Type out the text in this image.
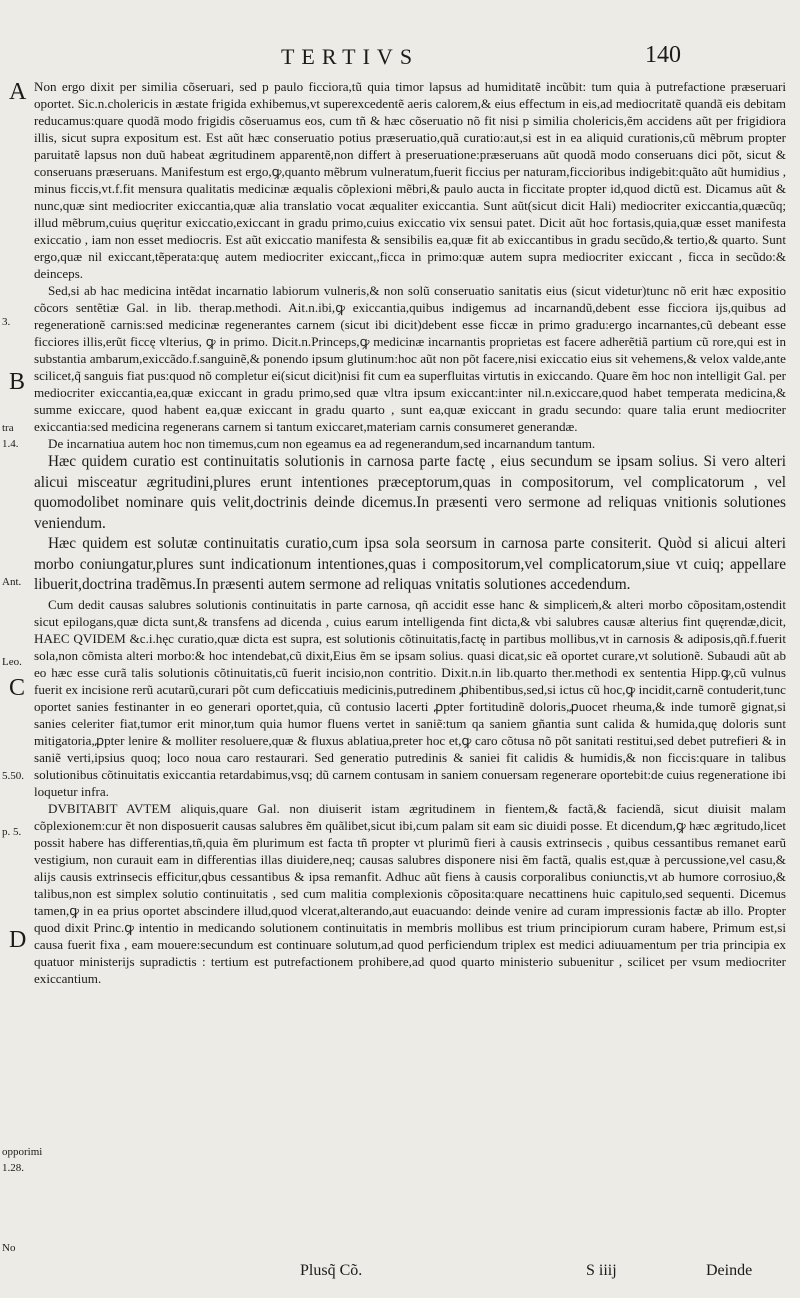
TERTIVS	140
A
3.
B
tra
1.4.
Ant.
Leo.
C
5.50.
p. 5.
D
opporimi
1.28.
No

Non ergo dixit per similia cõseruari, sed p paulo ficciora,tũ quia timor lapsus ad humiditatẽ incũbit: tum quia à putrefactione præseruari oportet. Sic.n.cholericis in æstate frigida exhibemus,vt superexcedentẽ aeris calorem,& eius effectum in eis,ad mediocritatẽ quandã eis debitam reducamus:quare quodã modo frigidis cõseruamus eos, cum tñ & hæc cõseruatio nõ fit nisi p similia cholericis,ẽm accidens aũt per frigidiora illis, sicut supra expositum est. Est aũt hæc conseruatio potius præseruatio,quã curatio:aut,si est in ea aliquid curationis,cũ mẽbrum propter paruitatẽ lapsus non duũ habeat ægritudinem apparentẽ,non differt à preseruatione:præseruans aũt quodã modo conseruans dici põt, sicut & conseruans præseruans. Manifestum est ergo,ꝙ,quanto mẽbrum vulneratum,fuerit ficcius per naturam,ficcioribus indigebit:quãto aũt humidius , minus ficcis,vt.f.fit mensura qualitatis medicinæ æqualis cõplexioni mẽbri,& paulo aucta in ficcitate propter id,quod dictũ est. Dicamus aũt & nunc,quæ sint mediocriter exiccantia,quæ alia translatio vocat æqualiter exiccantia. Sunt aũt(sicut dicit Hali) mediocriter exiccantia,quæcũq; illud mẽbrum,cuius quęritur exiccatio,exiccant in gradu primo,cuius exiccatio vix sensui patet. Dicit aũt hoc fortasis,quia,quæ esset manifesta exiccatio , iam non esset mediocris. Est aũt exiccatio manifesta & sensibilis ea,quæ fit ab exiccantibus in gradu secũdo,& tertio,& quarto. Sunt ergo,quæ nil exiccant,tẽperata:quę autem mediocriter exiccant,,ficca in primo:quæ autem supra mediocriter exiccant , ficca in secũdo:& deinceps.

Sed,si ab hac medicina intẽdat incarnatio labiorum vulneris,& non solũ conseruatio sanitatis eius (sicut videtur)tunc nõ erit hæc expositio cõcors sentẽtiæ Gal. in lib. therap.methodi. Ait.n.ibi,ꝙ exiccantia,quibus indigemus ad incarnandũ,debent esse ficciora ijs,quibus ad regenerationẽ carnis:sed medicinæ regenerantes carnem (sicut ibi dicit)debent esse ficcæ in primo gradu:ergo incarnantes,cũ debeant esse ficciores illis,erũt ficcę vlterius, ꝙ in primo. Dicit.n.Princeps,ꝙ medicinæ incarnantis proprietas est facere adherẽtiã partium cũ rore,qui est in substantia ambarum,exiccãdo.f.sanguinẽ,& ponendo ipsum glutinum:hoc aũt non põt facere,nisi exiccatio eius sit vehemens,& velox valde,ante scilicet,q̃ sanguis fiat pus:quod nõ completur ei(sicut dicit)nisi fit cum ea superfluitas virtutis in exiccando. Quare ẽm hoc non intelligit Gal. per mediocriter exiccantia,ea,quæ exiccant in gradu primo,sed quæ vltra ipsum exiccant:inter nil.n.exiccare,quod habet temperata medicina,& summe exiccare, quod habent ea,quæ exiccant in gradu quarto , sunt ea,quæ exiccant in gradu secundo: quare talia erunt mediocriter exiccantia:sed medicina regenerans carnem si tantum exiccaret,materiam carnis consumeret generandæ.

De incarnatiua autem hoc non timemus,cum non egeamus ea ad regenerandum,sed incarnandum tantum.

Hæc quidem curatio est continuitatis solutionis in carnosa parte factę , eius secundum se ipsam solius. Si vero alteri alicui misceatur ægritudini,plures erunt intentiones præceptorum,quas in compositorum, vel complicatorum , vel quomodolibet nominare quis velit,doctrinis deinde dicemus.In præsenti vero sermone ad reliquas vnitionis solutiones veniendum.

Hæc quidem est solutæ continuitatis curatio,cum ipsa sola seorsum in carnosa parte consiterit. Quòd si alicui alteri morbo coniungatur,plures sunt indicationum intentiones,quas i compositorum,vel complicatorum,siue vt cuiq; appellare libuerit,doctrina tradẽmus.In præsenti autem sermone ad reliquas vnitatis solutiones accedendum.

Cum dedit causas salubres solutionis continuitatis in parte carnosa, qñ accidit esse hanc & simpliceṁ,& alteri morbo cõpositam,ostendit sicut epilogans,quæ dicta sunt,& transfens ad dicenda , cuius earum intelligenda fint dicta,& vbi salubres causæ alterius fint quęrendæ,dicit, HAEC QVIDEM &c.i.hęc curatio,quæ dicta est supra, est solutionis cõtinuitatis,factę in partibus mollibus,vt in carnosis & adiposis,qñ.f.fuerit sola,non cõmista alteri morbo:& hoc intendebat,cũ dixit,Eius ẽm se ipsam solius. quasi dicat,sic eã oportet curare,vt solutionẽ. Subaudi aũt ab eo hæc esse curã talis solutionis cõtinuitatis,cũ fuerit incisio,non contritio. Dixit.n.in lib.quarto ther.methodi ex sententia Hipp.ꝙ,cũ vulnus fuerit ex incisione rerũ acutarũ,curari põt cum deficcatiuis medicinis,putredinem ꝓhibentibus,sed,si ictus cũ hoc,ꝙ incidit,carnẽ contuderit,tunc oportet sanies festinanter in eo generari oportet,quia, cũ contusio lacerti ꝓpter fortitudinẽ doloris,ꝓuocet rheuma,& inde tumorẽ gignat,si sanies celeriter fiat,tumor erit minor,tum quia humor fluens vertet in saniẽ:tum qa saniem gñantia sunt calida & humida,quę doloris sunt mitigatoria,ꝓpter lenire & molliter resoluere,quæ & fluxus ablatiua,preter hoc et,ꝙ caro cõtusa nõ põt sanitati restitui,sed debet putrefieri & in saniẽ verti,ipsius quoq; loco noua caro restaurari. Sed generatio putredinis & saniei fit calidis & humidis,& non ficcis:quare in talibus solutionibus cõtinuitatis exiccantia retardabimus,vsq; dũ carnem contusam in saniem conuersam regenerare oportebit:de cuius regeneratione ibi loquetur infra.

DVBITABIT AVTEM aliquis,quare Gal. non diuiserit istam ægritudinem in fientem,& factã,& faciendã, sicut diuisit malam cõplexionem:cur ẽt non disposuerit causas salubres ẽm quãlibet,sicut ibi,cum palam sit eam sic diuidi posse. Et dicendum,ꝙ hæc ægritudo,licet possit habere has differentias,tñ,quia ẽm plurimum est facta tñ propter vt plurimũ fieri à causis extrinsecis , quibus cessantibus remanet earũ vestigium, non curauit eam in differentias illas diuidere,neq; causas salubres disponere nisi ẽm factã, qualis est,quæ à percussione,vel casu,& alijs causis extrinsecis efficitur,qbus cessantibus & ipsa remanfit. Adhuc aũt fiens à causis corporalibus coniunctis,vt ab humore corrosiuo,& talibus,non est simplex solutio continuitatis , sed cum malitia complexionis cõposita:quare necattinens huic capitulo,sed sequenti. Dicemus tamen,ꝙ in ea prius oportet abscindere illud,quod vlcerat,alterando,aut euacuando: deinde venire ad curam impressionis factæ ab illo. Propter quod dixit Princ.ꝙ intentio in medicando solutionem continuitatis in membris mollibus est trium principiorum curam habere, Primum est,si causa fuerit fixa , eam mouere:secundum est continuare solutum,ad quod perficiendum triplex est medici adiuuamentum per tria principia ex quatuor ministerijs supradictis : tertium est putrefactionem prohibere,ad quod quarto ministerio subuenitur , scilicet per vsum mediocriter exiccantium.

Plusq̃ Cõ.	S iiij	Deinde
